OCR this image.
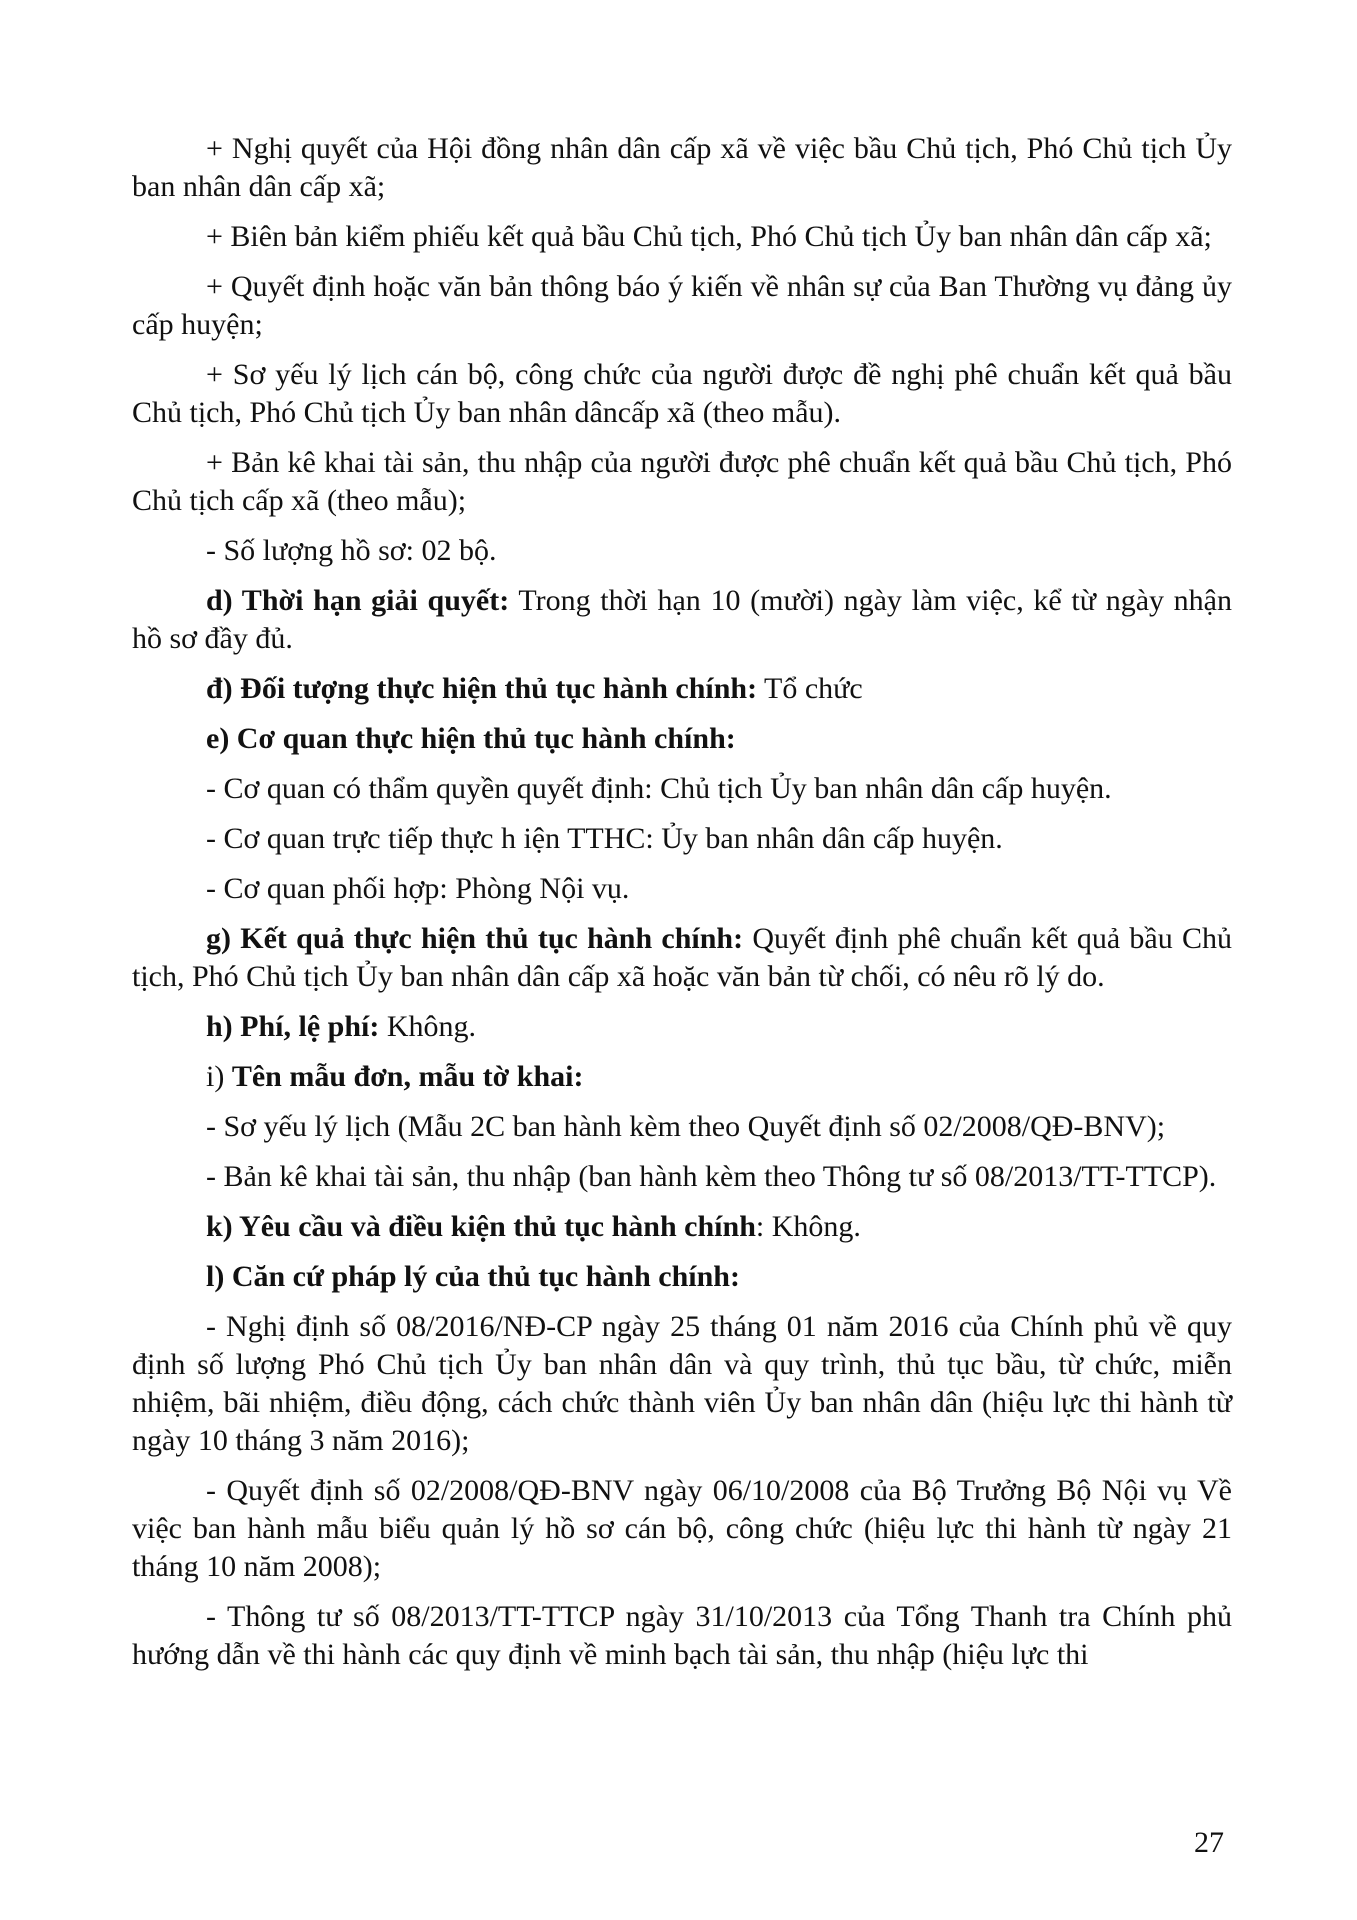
+ Nghị quyết của Hội đồng nhân dân cấp xã về việc bầu Chủ tịch, Phó Chủ tịch Ủy ban nhân dân cấp xã;

+ Biên bản kiểm phiếu kết quả bầu Chủ tịch, Phó Chủ tịch Ủy ban nhân dân cấp xã;

+ Quyết định hoặc văn bản thông báo ý kiến về nhân sự của Ban Thường vụ đảng ủy cấp huyện;

+ Sơ yếu lý lịch cán bộ, công chức của người được đề nghị phê chuẩn kết quả bầu Chủ tịch, Phó Chủ tịch Ủy ban nhân dâncấp xã (theo mẫu).

+ Bản kê khai tài sản, thu nhập của người được phê chuẩn kết quả bầu Chủ tịch, Phó Chủ tịch cấp xã (theo mẫu);

- Số lượng hồ sơ: 02 bộ.

d) Thời hạn giải quyết: Trong thời hạn 10 (mười) ngày làm việc, kể từ ngày nhận hồ sơ đầy đủ.

đ) Đối tượng thực hiện thủ tục hành chính: Tổ chức

e) Cơ quan thực hiện thủ tục hành chính:

- Cơ quan có thẩm quyền quyết định: Chủ tịch Ủy ban nhân dân cấp huyện.

- Cơ quan trực tiếp thực h iện TTHC: Ủy ban nhân dân cấp huyện.

- Cơ quan phối hợp: Phòng Nội vụ.

g) Kết quả thực hiện thủ tục hành chính: Quyết định phê chuẩn kết quả bầu Chủ tịch, Phó Chủ tịch Ủy ban nhân dân cấp xã hoặc văn bản từ chối, có nêu rõ lý do.

h) Phí, lệ phí: Không.

i) Tên mẫu đơn, mẫu tờ khai:

- Sơ yếu lý lịch (Mẫu 2C ban hành kèm theo Quyết định số 02/2008/QĐ-BNV);

- Bản kê khai tài sản, thu nhập (ban hành kèm theo Thông tư số 08/2013/TT-TTCP).

k) Yêu cầu và điều kiện thủ tục hành chính: Không.

l) Căn cứ pháp lý của thủ tục hành chính:

- Nghị định số 08/2016/NĐ-CP ngày 25 tháng 01 năm 2016 của Chính phủ về quy định số lượng Phó Chủ tịch Ủy ban nhân dân và quy trình, thủ tục bầu, từ chức, miễn nhiệm, bãi nhiệm, điều động, cách chức thành viên Ủy ban nhân dân (hiệu lực thi hành từ ngày 10 tháng 3 năm 2016);

- Quyết định số 02/2008/QĐ-BNV ngày 06/10/2008 của Bộ Trưởng Bộ Nội vụ Về việc ban hành mẫu biểu quản lý hồ sơ cán bộ, công chức (hiệu lực thi hành từ ngày 21 tháng 10 năm 2008);

- Thông tư số 08/2013/TT-TTCP ngày 31/10/2013 của Tổng Thanh tra Chính phủ hướng dẫn về thi hành các quy định về minh bạch tài sản, thu nhập (hiệu lực thi

27
